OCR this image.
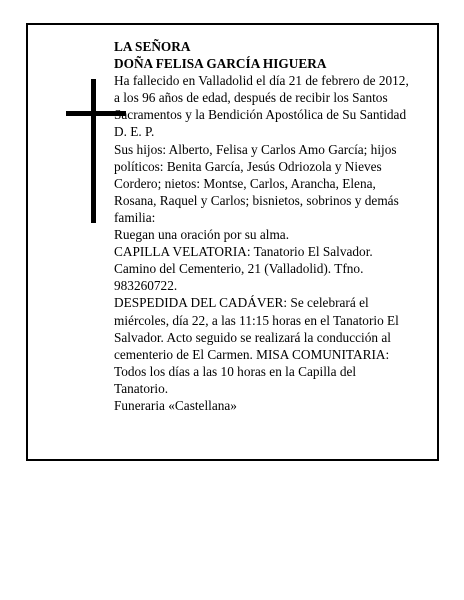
LA SEÑORA
DOÑA FELISA GARCÍA HIGUERA
Ha fallecido en Valladolid el día 21 de febrero de 2012,
a los 96 años de edad, después de recibir los Santos
Sacramentos y la Bendición Apostólica de Su Santidad
D. E. P.
Sus hijos: Alberto, Felisa y Carlos Amo García; hijos
políticos: Benita García, Jesús Odriozola y Nieves
Cordero; nietos: Montse, Carlos, Arancha, Elena,
Rosana, Raquel y Carlos; bisnietos, sobrinos y demás
familia:
Ruegan una oración por su alma.
CAPILLA VELATORIA: Tanatorio El Salvador.
Camino del Cementerio, 21 (Valladolid). Tfno.
983260722.
DESPEDIDA DEL CADÁVER: Se celebrará el
miércoles, día 22, a las 11:15 horas en el Tanatorio El
Salvador. Acto seguido se realizará la conducción al
cementerio de El Carmen. MISA COMUNITARIA:
Todos los días a las 10 horas en la Capilla del
Tanatorio.
Funeraria «Castellana»
